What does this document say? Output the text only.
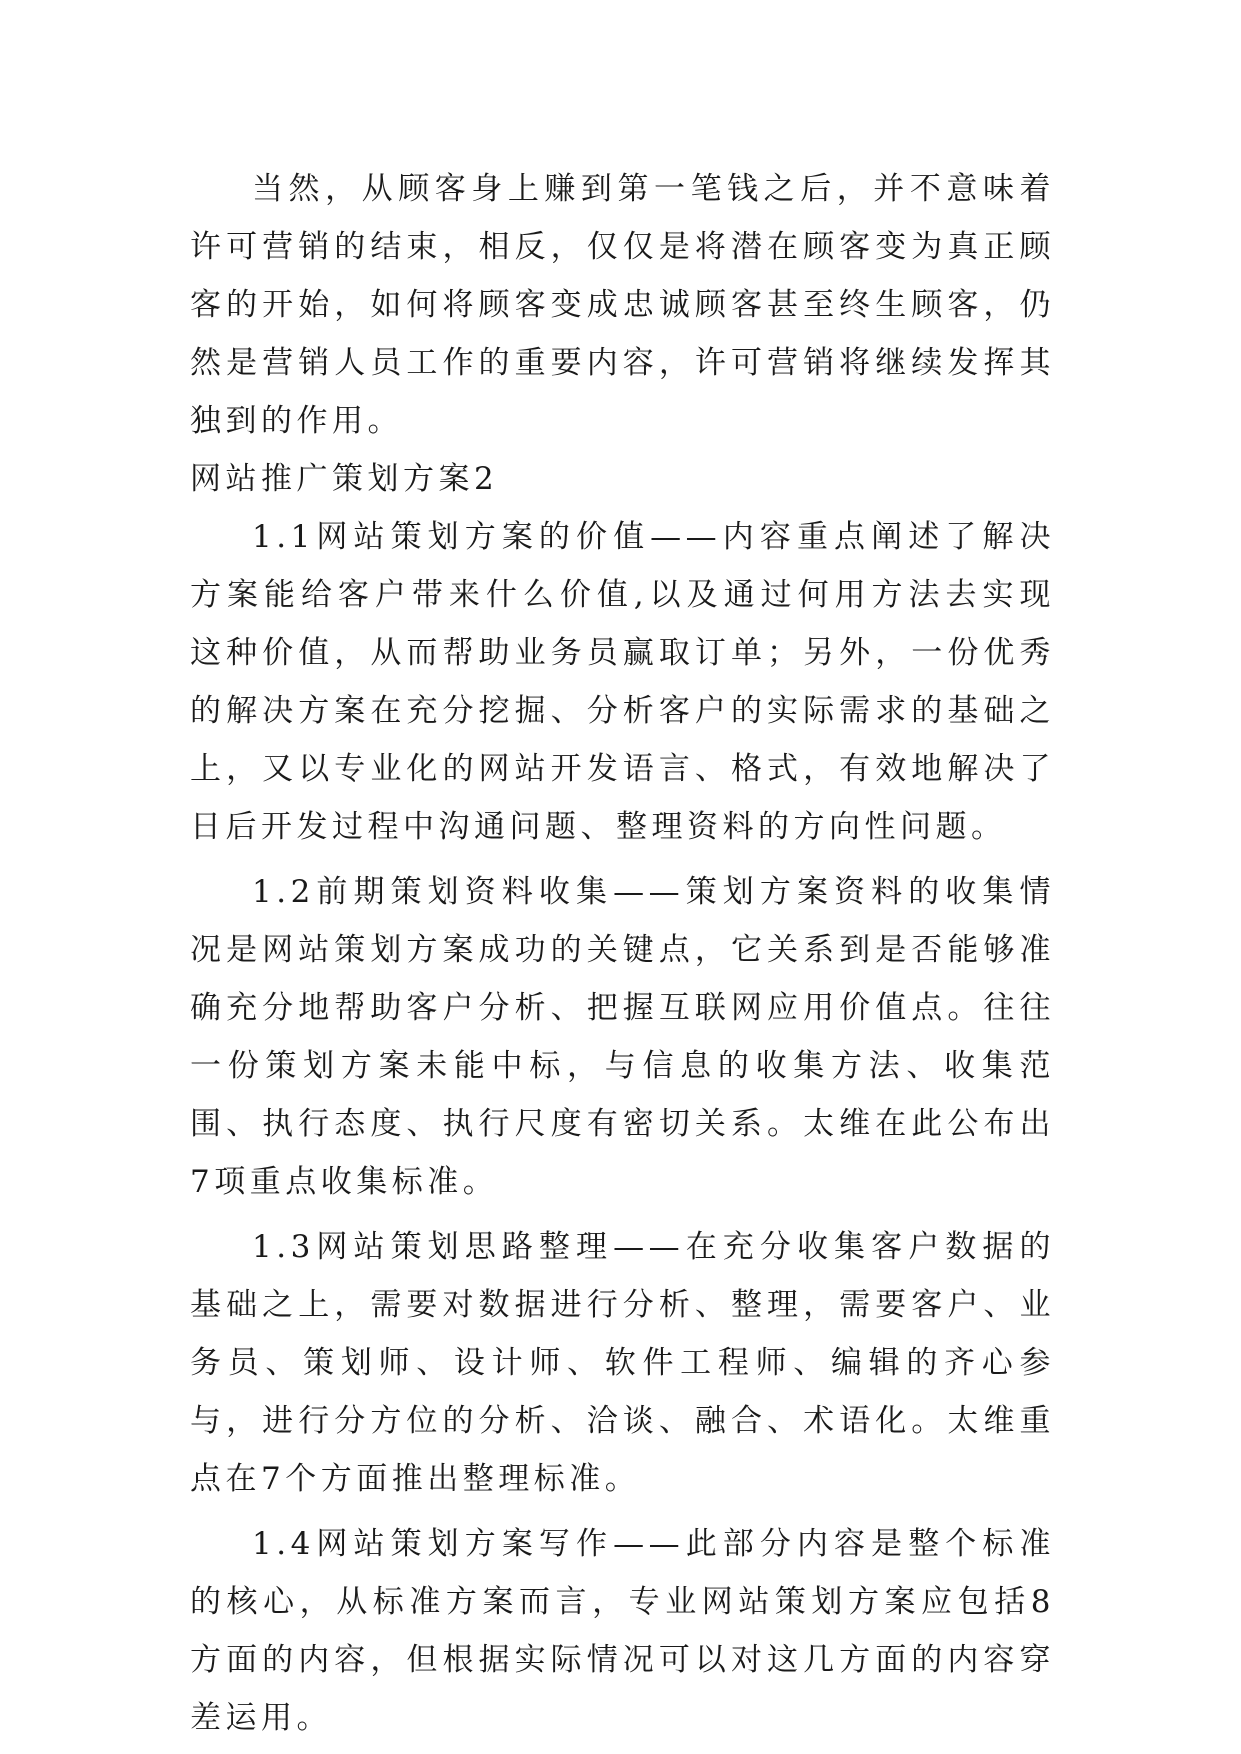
当然，从顾客身上赚到第一笔钱之后，并不意味着许可营销的结束，相反，仅仅是将潜在顾客变为真正顾客的开始，如何将顾客变成忠诚顾客甚至终生顾客，仍然是营销人员工作的重要内容，许可营销将继续发挥其独到的作用。

网站推广策划方案2

1.1网站策划方案的价值——内容重点阐述了解决方案能给客户带来什么价值,以及通过何用方法去实现这种价值，从而帮助业务员赢取订单；另外，一份优秀的解决方案在充分挖掘、分析客户的实际需求的基础之上，又以专业化的网站开发语言、格式，有效地解决了日后开发过程中沟通问题、整理资料的方向性问题。

1.2前期策划资料收集——策划方案资料的收集情况是网站策划方案成功的关键点，它关系到是否能够准确充分地帮助客户分析、把握互联网应用价值点。往往一份策划方案未能中标，与信息的收集方法、收集范围、执行态度、执行尺度有密切关系。太维在此公布出7项重点收集标准。

1.3网站策划思路整理——在充分收集客户数据的基础之上，需要对数据进行分析、整理，需要客户、业务员、策划师、设计师、软件工程师、编辑的齐心参与，进行分方位的分析、洽谈、融合、术语化。太维重点在7个方面推出整理标准。

1.4网站策划方案写作——此部分内容是整个标准的核心，从标准方案而言，专业网站策划方案应包括8方面的内容，但根据实际情况可以对这几方面的内容穿差运用。
